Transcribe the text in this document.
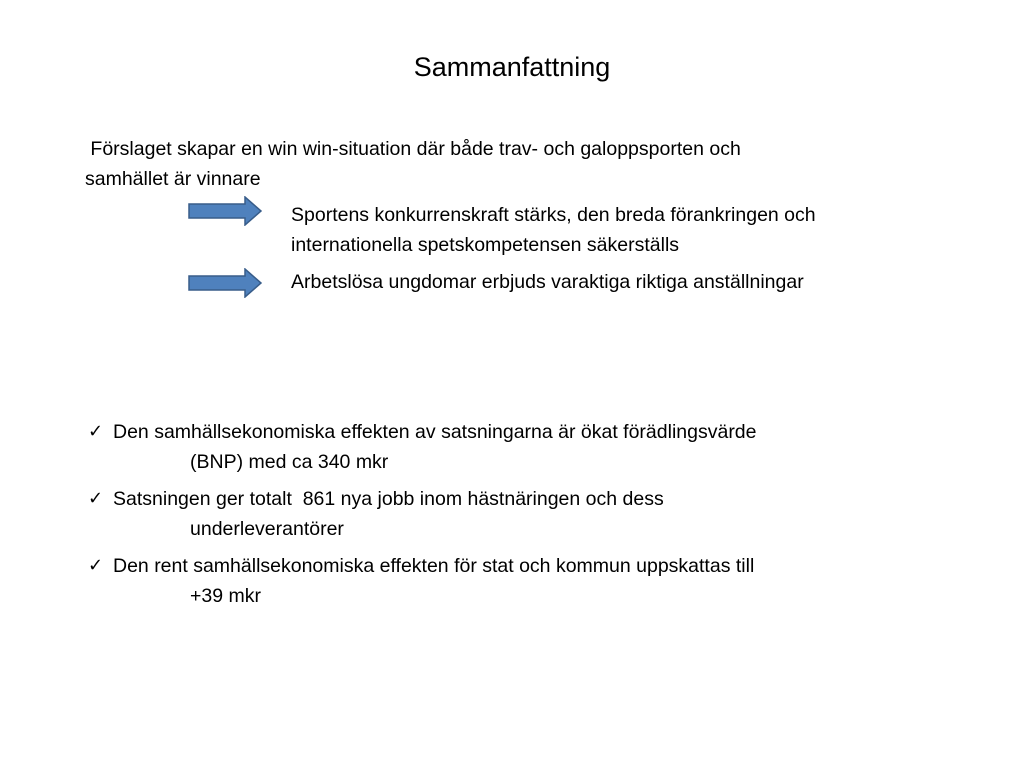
Sammanfattning
Förslaget skapar en win win-situation där både trav- och galoppsporten och
samhället är vinnare
Sportens konkurrenskraft stärks, den breda förankringen och
internationella spetskompetensen säkerställs
Arbetslösa ungdomar erbjuds varaktiga riktiga anställningar
✓ Den samhällsekonomiska effekten av satsningarna är ökat förädlingsvärde
(BNP) med ca 340 mkr
✓ Satsningen ger totalt  861 nya jobb inom hästnäringen och dess
underleverantörer
✓ Den rent samhällsekonomiska effekten för stat och kommun uppskattas till
+39 mkr
